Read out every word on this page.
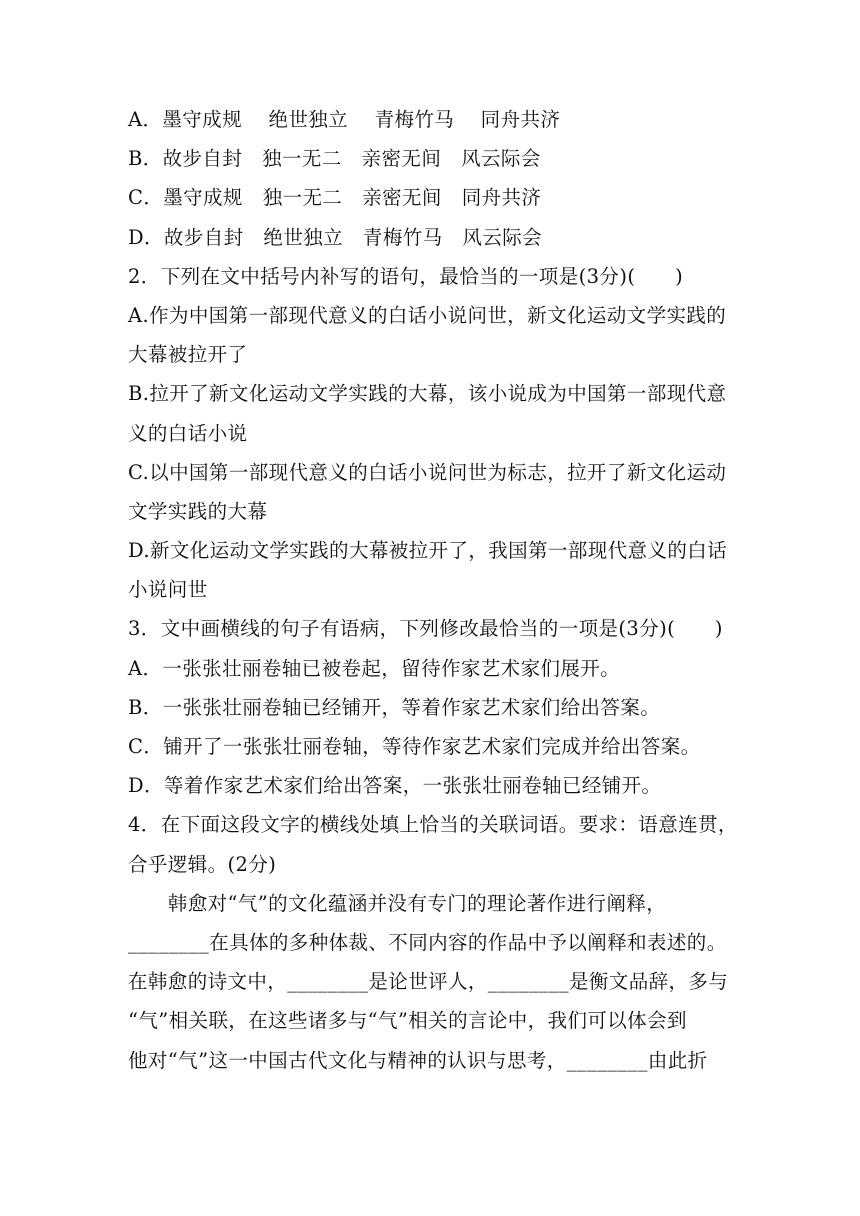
A．墨守成规　 绝世独立　 青梅竹马　 同舟共济
B．故步自封　独一无二　亲密无间　风云际会
C．墨守成规　独一无二　亲密无间　同舟共济
D．故步自封　绝世独立　青梅竹马　风云际会
2．下列在文中括号内补写的语句，最恰当的一项是(3分)(　　)
A.作为中国第一部现代意义的白话小说问世，新文化运动文学实践的
大幕被拉开了
B.拉开了新文化运动文学实践的大幕，该小说成为中国第一部现代意
义的白话小说
C.以中国第一部现代意义的白话小说问世为标志，拉开了新文化运动
文学实践的大幕
D.新文化运动文学实践的大幕被拉开了，我国第一部现代意义的白话
小说问世
3．文中画横线的句子有语病，下列修改最恰当的一项是(3分)(　　)
A．一张张壮丽卷轴已被卷起，留待作家艺术家们展开。
B．一张张壮丽卷轴已经铺开，等着作家艺术家们给出答案。
C．铺开了一张张壮丽卷轴，等待作家艺术家们完成并给出答案。
D．等着作家艺术家们给出答案，一张张壮丽卷轴已经铺开。
4．在下面这段文字的横线处填上恰当的关联词语。要求：语意连贯，
合乎逻辑。(2分)
　　韩愈对“气”的文化蕴涵并没有专门的理论著作进行阐释，
________在具体的多种体裁、不同内容的作品中予以阐释和表述的。
在韩愈的诗文中，________是论世评人，________是衡文品辞，多与
“气”相关联，在这些诸多与“气”相关的言论中，我们可以体会到
他对“气”这一中国古代文化与精神的认识与思考，________由此折
